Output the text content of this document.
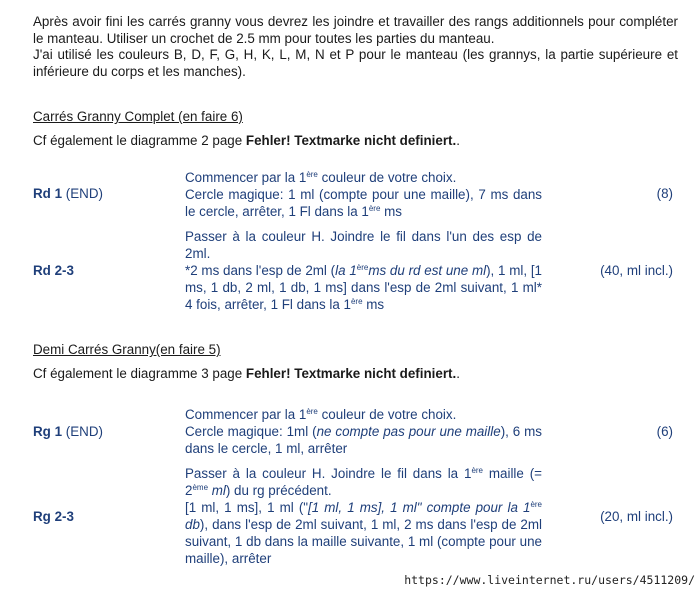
Après avoir fini les carrés granny vous devrez les joindre et travailler des rangs additionnels pour compléter le manteau. Utiliser un crochet de 2.5 mm pour toutes les parties du manteau.

J'ai utilisé les couleurs B, D, F, G, H, K, L, M, N et P pour le manteau (les grannys, la partie supérieure et inférieure du corps et les manches).

Carrés Granny Complet (en faire 6)
Cf également le diagramme 2 page Fehler! Textmarke nicht definiert..
Rd 1 (END)

Commencer par la 1ère couleur de votre choix.

Cercle magique: 1 ml (compte pour une maille), 7 ms dans le cercle, arrêter, 1 Fl dans la 1ère ms

(8)
Rd 2-3

Passer à la couleur H. Joindre le fil dans l'un des esp de 2ml.

*2 ms dans l'esp de 2ml (la 1èrems du rd est une ml), 1 ml, [1 ms, 1 db, 2 ml, 1 db, 1 ms] dans l'esp de 2ml suivant, 1 ml* 4 fois, arrêter, 1 Fl dans la 1ère ms

(40, ml incl.)
Demi Carrés Granny(en faire 5)
Cf également le diagramme 3 page Fehler! Textmarke nicht definiert..
Rg 1 (END)

Commencer par la 1ère couleur de votre choix.

Cercle magique: 1ml (ne compte pas pour une maille), 6 ms dans le cercle, 1 ml, arrêter

(6)
Rg 2-3

Passer à la couleur H. Joindre le fil dans la 1ère maille (= 2ème ml) du rg précédent.

[1 ml, 1 ms], 1 ml ("[1 ml, 1 ms], 1 ml" compte pour la 1ère db), dans l'esp de 2ml suivant, 1 ml, 2 ms dans l'esp de 2ml suivant, 1 db dans la maille suivante, 1 ml (compte pour une maille), arrêter

(20, ml incl.)
https://www.liveinternet.ru/users/4511209/
